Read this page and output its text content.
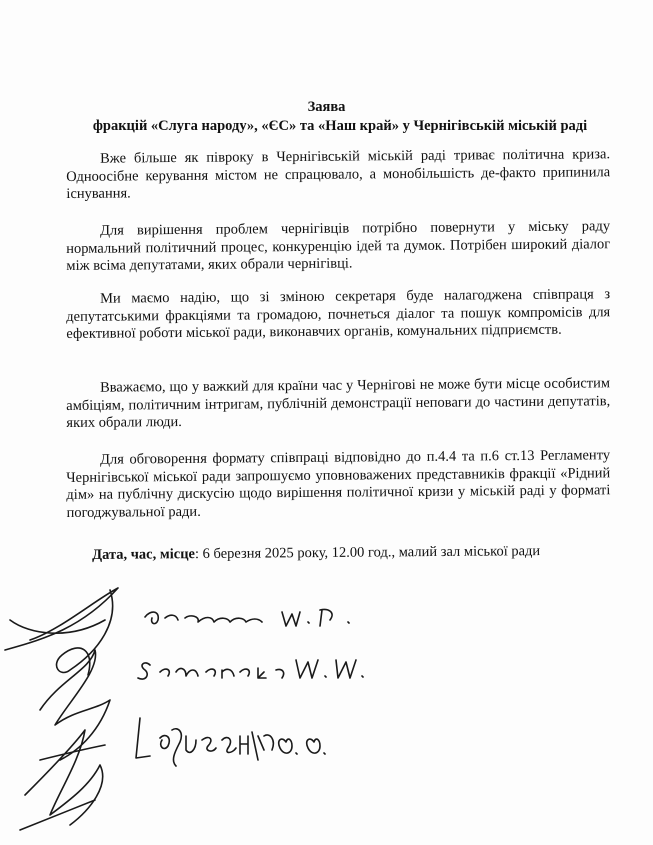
Заява
фракцій «Слуга народу», «ЄС» та «Наш край» у Чернігівській міській раді
Вже більше як півроку в Чернігівській міській раді триває політична криза. Одноосібне керування містом не спрацювало, а монобільшість де-факто припинила існування.
Для вирішення проблем чернігівців потрібно повернути у міську раду нормальний політичний процес, конкуренцію ідей та думок. Потрібен широкий діалог між всіма депутатами, яких обрали чернігівці.
Ми маємо надію, що зі зміною секретаря буде налагоджена співпраця з депутатськими фракціями та громадою, почнеться діалог та пошук компромісів для ефективної роботи міської ради, виконавчих органів, комунальних підприємств.
Вважаємо, що у важкий для країни час у Чернігові не може бути місце особистим амбіціям, політичним інтригам, публічній демонстрації неповаги до частини депутатів, яких обрали люди.
Для обговорення формату співпраці відповідно до п.4.4 та п.6 ст.13 Регламенту Чернігівської міської ради запрошуємо уповноважених представників фракції «Рідний дім» на публічну дискусію щодо вирішення політичної кризи у міській раді у форматі погоджувальної ради.
Дата, час, місце: 6 березня 2025 року, 12.00 год., малий зал міської ради
